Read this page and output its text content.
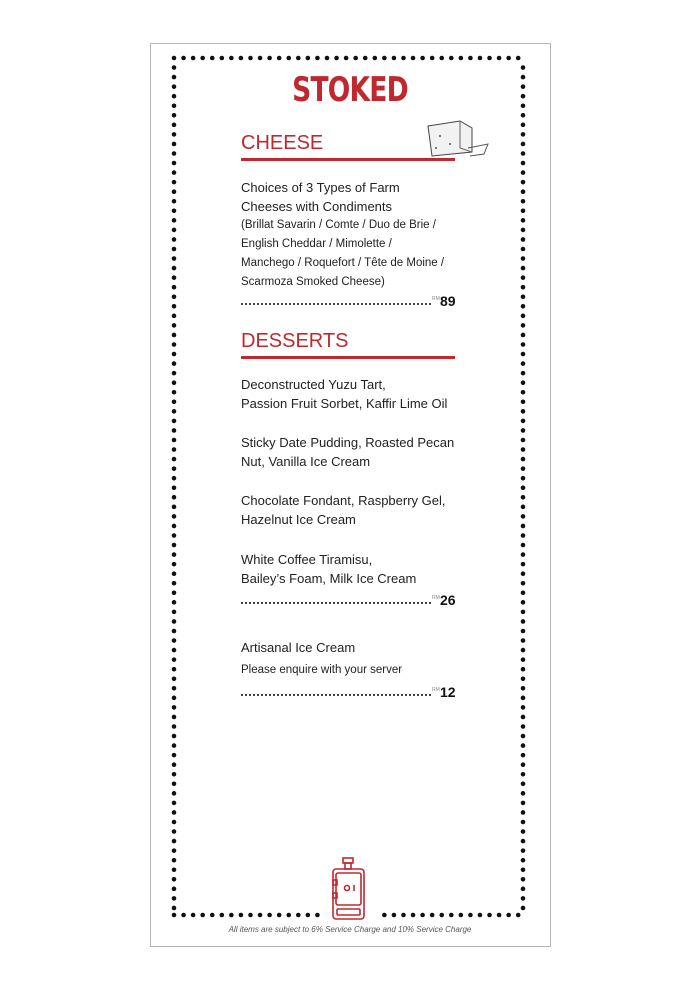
STOKED
CHEESE
Choices of 3 Types of Farm
Cheeses with Condiments
(Brillat Savarin / Comte / Duo de Brie /
English Cheddar / Mimolette /
Manchego / Roquefort / Tête de Moine /
Scarmoza Smoked Cheese)
RM 89
DESSERTS
Deconstructed Yuzu Tart,
Passion Fruit Sorbet, Kaffir Lime Oil
Sticky Date Pudding, Roasted Pecan
Nut, Vanilla Ice Cream
Chocolate Fondant, Raspberry Gel,
Hazelnut Ice Cream
White Coffee Tiramisu,
Bailey’s Foam, Milk Ice Cream
RM 26
Artisanal Ice Cream
Please enquire with your server
RM 12
All items are subject to 6% Service Charge and 10% Service Charge
